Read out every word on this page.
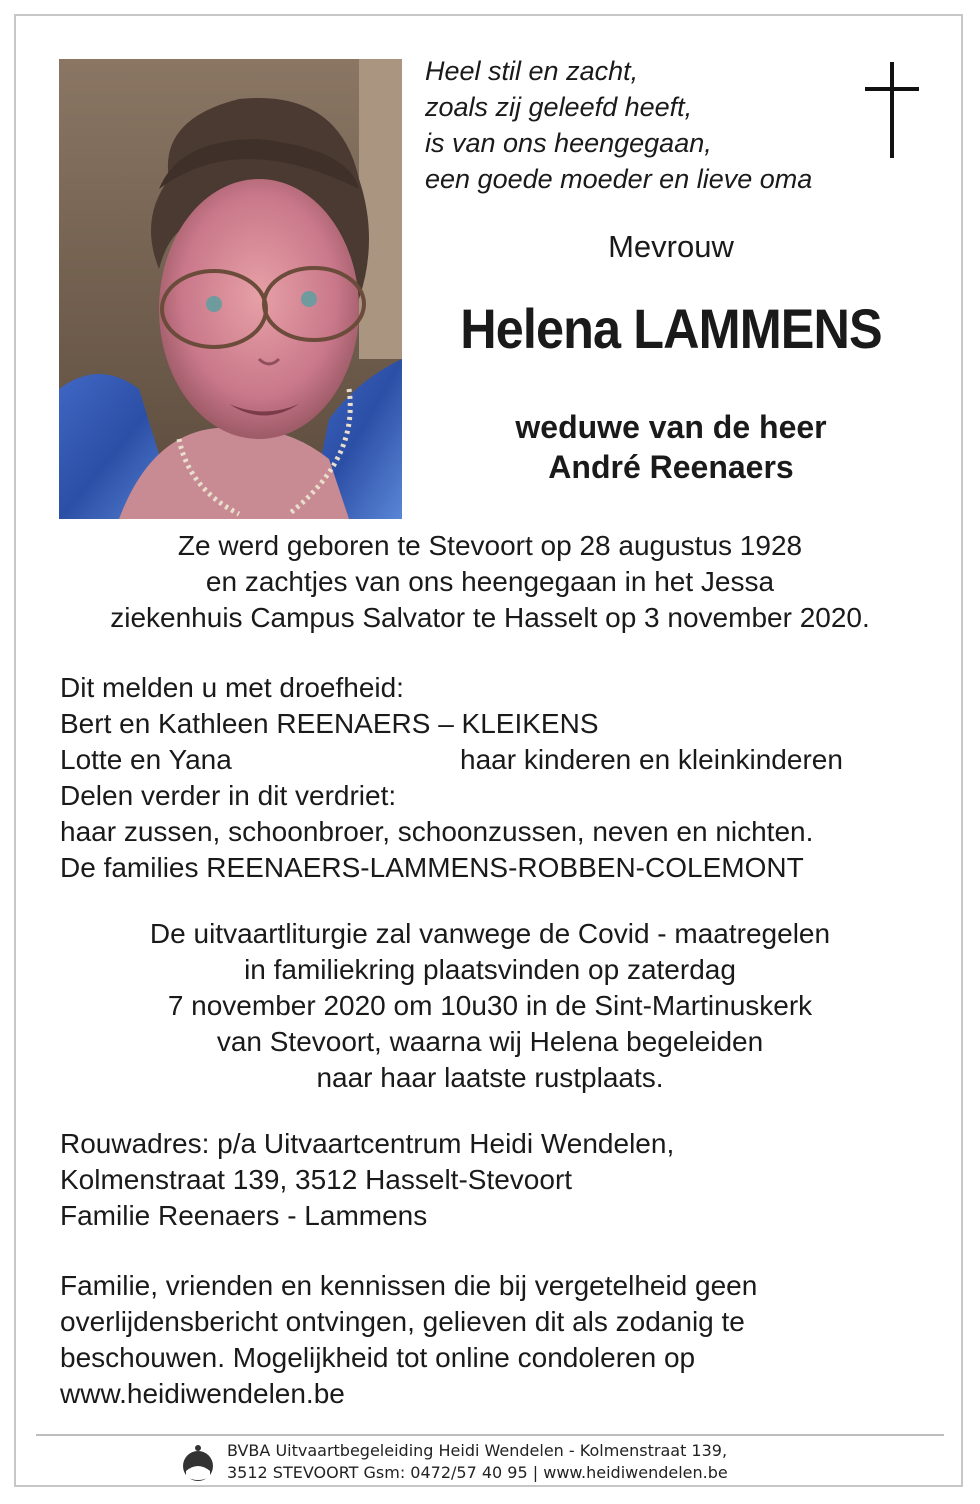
Heel stil en zacht,
zoals zij geleefd heeft,
is van ons heengegaan,
een goede moeder en lieve oma
Mevrouw
Helena LAMMENS
weduwe van de heer
André Reenaers
Ze werd geboren te Stevoort op 28 augustus 1928
en zachtjes van ons heengegaan in het Jessa
ziekenhuis Campus Salvator te Hasselt op 3 november 2020.
Dit melden u met droefheid:
Bert en Kathleen REENAERS – KLEIKENS
Lotte en Yana	haar kinderen en kleinkinderen
Delen verder in dit verdriet:
haar zussen, schoonbroer, schoonzussen, neven en nichten.
De families REENAERS-LAMMENS-ROBBEN-COLEMONT
De uitvaartliturgie zal vanwege de Covid - maatregelen
in familiekring plaatsvinden op zaterdag
7 november 2020 om 10u30 in de Sint-Martinuskerk
van Stevoort, waarna wij Helena begeleiden
naar haar laatste rustplaats.
Rouwadres: p/a Uitvaartcentrum Heidi Wendelen,
Kolmenstraat 139, 3512 Hasselt-Stevoort
Familie Reenaers - Lammens
Familie, vrienden en kennissen die bij vergetelheid geen
overlijdensbericht ontvingen, gelieven dit als zodanig te
beschouwen. Mogelijkheid tot online condoleren op
www.heidiwendelen.be
BVBA Uitvaartbegeleiding Heidi Wendelen - Kolmenstraat 139,
3512 STEVOORT Gsm: 0472/57 40 95 | www.heidiwendelen.be
